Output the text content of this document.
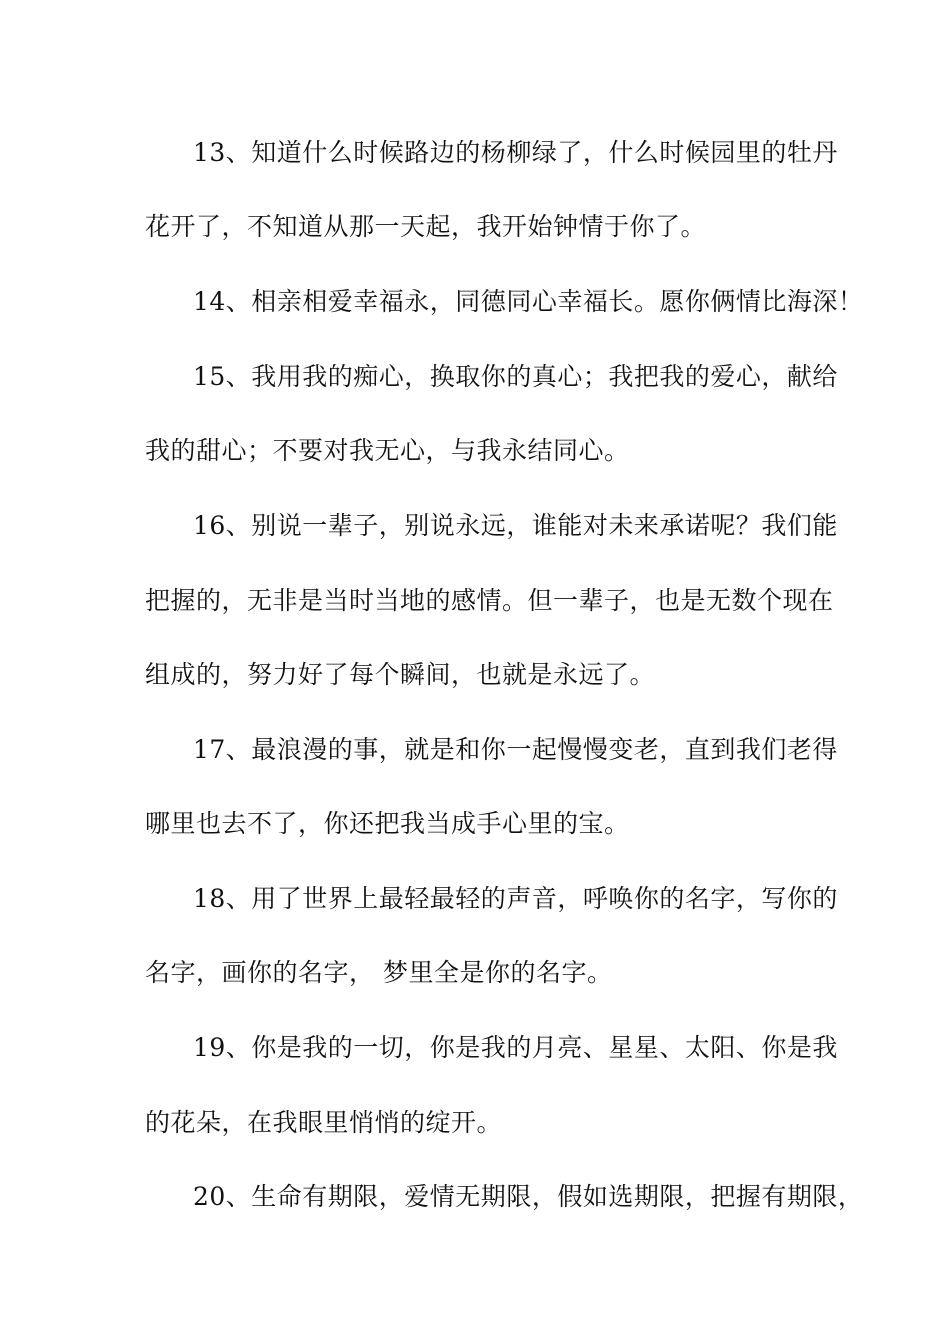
13、知道什么时候路边的杨柳绿了，什么时候园里的牡丹
花开了，不知道从那一天起，我开始钟情于你了。
14、相亲相爱幸福永，同德同心幸福长。愿你俩情比海深！
15、我用我的痴心，换取你的真心；我把我的爱心，献给
我的甜心；不要对我无心，与我永结同心。
16、别说一辈子，别说永远，谁能对未来承诺呢？我们能
把握的，无非是当时当地的感情。但一辈子，也是无数个现在
组成的，努力好了每个瞬间，也就是永远了。
17、最浪漫的事，就是和你一起慢慢变老，直到我们老得
哪里也去不了，你还把我当成手心里的宝。
18、用了世界上最轻最轻的声音，呼唤你的名字，写你的
名字，画你的名字， 梦里全是你的名字。
19、你是我的一切，你是我的月亮、星星、太阳、你是我
的花朵，在我眼里悄悄的绽开。
20、生命有期限，爱情无期限，假如选期限，把握有期限，
